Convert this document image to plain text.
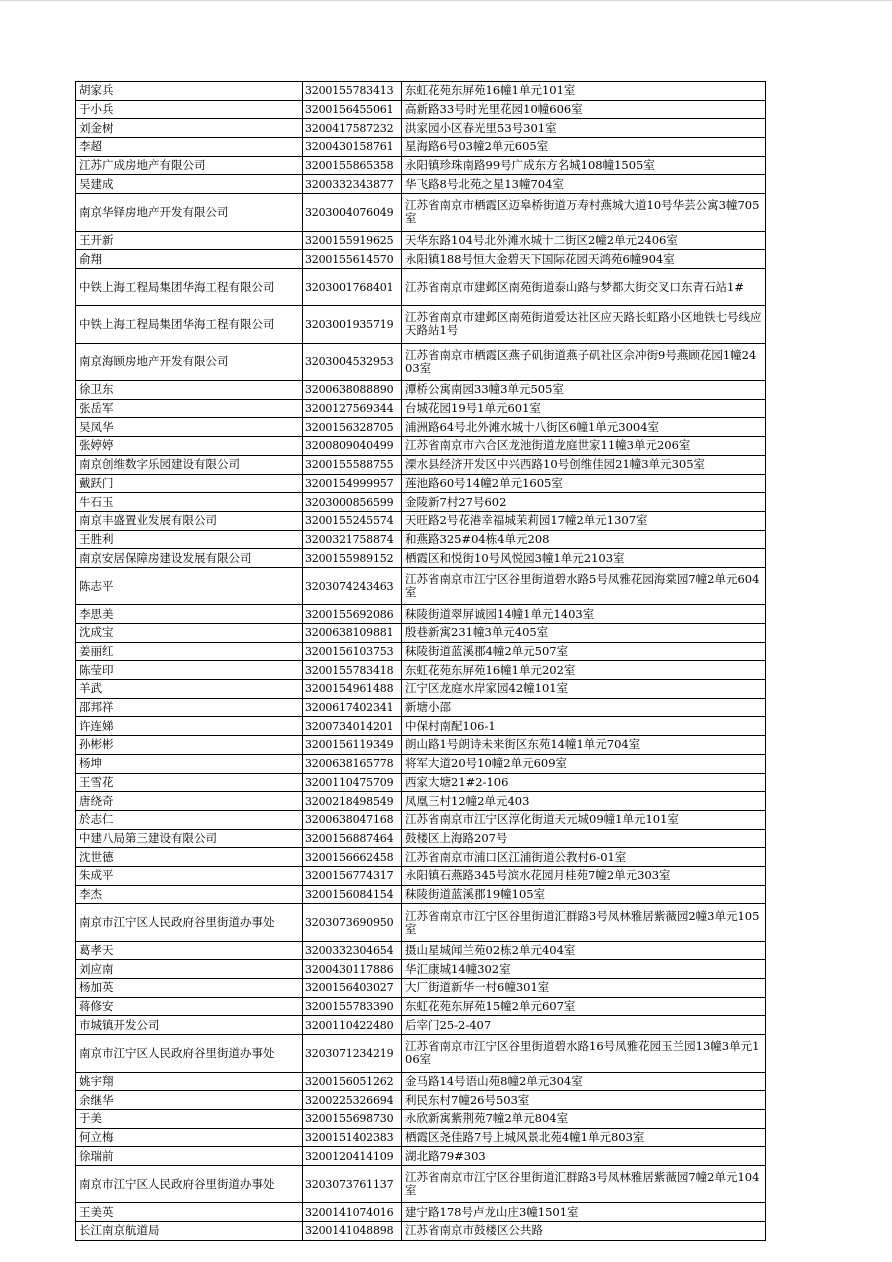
胡家兵	3200155783413	东虹花苑东屏苑16幢1单元101室
于小兵	3200156455061	高新路33号时光里花园10幢606室
刘金树	3200417587232	洪家园小区春光里53号301室
李超	3200430158761	星海路6号03幢2单元605室
江苏广成房地产有限公司	3200155865358	永阳镇珍珠南路99号广成东方名城108幢1505室
吴建成	3200332343877	华飞路8号北苑之星13幢704室

南京华铎房地产开发有限公司	3203004076049	江苏省南京市栖霞区迈皋桥街道万寿村燕城大道10号华芸公寓3幢705室

王开新	3200155919625	天华东路104号北外滩水城十二街区2幢2单元2406室
俞翔	3200155614570	永阳镇188号恒大金碧天下国际花园天鸿苑6幢904室

中铁上海工程局集团华海工程有限公司	3203001768401	江苏省南京市建邺区南苑街道泰山路与梦都大街交叉口东青石站1#

中铁上海工程局集团华海工程有限公司	3203001935719	江苏省南京市建邺区南苑街道爱达社区应天路长虹路小区地铁七号线应天路站1号

南京海顾房地产开发有限公司	3203004532953	江苏省南京市栖霞区燕子矶街道燕子矶社区佘冲街9号燕顾花园1幢2403室

徐卫东	3200638088890	潭桥公寓南园33幢3单元505室
张岳军	3200127569344	台城花园19号1单元601室
吴凤华	3200156328705	浦洲路64号北外滩水城十八街区6幢1单元3004室
张婷婷	3200809040499	江苏省南京市六合区龙池街道龙庭世家11幢3单元206室
南京创维数字乐园建设有限公司	3200155588755	溧水县经济开发区中兴西路10号创维佳园21幢3单元305室
戴跃门	3200154999957	莲池路60号14幢2单元1605室
牛石玉	3203000856599	金陵新7村27号602
南京丰盛置业发展有限公司	3200155245574	天旺路2号花港幸福城茉莉园17幢2单元1307室
王胜利	3200321758874	和燕路325#04栋4单元208
南京安居保障房建设发展有限公司	3200155989152	栖霞区和悦街10号风悦园3幢1单元2103室

陈志平	3203074243463	江苏省南京市江宁区谷里街道碧水路5号凤雅花园海棠园7幢2单元604室

李思美	3200155692086	秣陵街道翠屏诚园14幢1单元1403室
沈成宝	3200638109881	殷巷新寓231幢3单元405室
姜丽红	3200156103753	秣陵街道蓝溪郡4幢2单元507室
陈莹印	3200155783418	东虹花苑东屏苑16幢1单元202室
羊武	3200154961488	江宁区龙庭水岸家园42幢101室
邵邦祥	3200617402341	新塘小邵
许连娣	3200734014201	中保村南配106-1
孙彬彬	3200156119349	朗山路1号朗诗未来街区东苑14幢1单元704室
杨坤	3200638165778	将军大道20号10幢2单元609室
王雪花	3200110475709	西家大塘21#2-106
唐绕奇	3200218498549	凤凰三村12幢2单元403
於志仁	3200638047168	江苏省南京市江宁区淳化街道天元城09幢1单元101室
中建八局第三建设有限公司	3200156887464	鼓楼区上海路207号
沈世德	3200156662458	江苏省南京市浦口区江浦街道公教村6-01室
朱成平	3200156774317	永阳镇石燕路345号滨水花园月桂苑7幢2单元303室
李杰	3200156084154	秣陵街道蓝溪郡19幢105室

南京市江宁区人民政府谷里街道办事处	3203073690950	江苏省南京市江宁区谷里街道汇群路3号凤林雅居紫薇园2幢3单元105室

葛孝天	3200332304654	摄山星城闻兰苑02栋2单元404室
刘应南	3200430117886	华汇康城14幢302室
杨加英	3200156403027	大厂街道新华一村6幢301室
蒋修安	3200155783390	东虹花苑东屏苑15幢2单元607室
市城镇开发公司	3200110422480	后宰门25-2-407

南京市江宁区人民政府谷里街道办事处	3203071234219	江苏省南京市江宁区谷里街道碧水路16号凤雅花园玉兰园13幢3单元106室

姚宇翔	3200156051262	金马路14号语山苑8幢2单元304室
余继华	3200225326694	利民东村7幢26号503室
于美	3200155698730	永欣新寓紫荆苑7幢2单元804室
何立梅	3200151402383	栖霞区尧佳路7号上城风景北苑4幢1单元803室
徐瑞前	3200120414109	湖北路79#303

南京市江宁区人民政府谷里街道办事处	3203073761137	江苏省南京市江宁区谷里街道汇群路3号凤林雅居紫薇园7幢2单元104室

王美英	3200141074016	建宁路178号卢龙山庄3幢1501室
长江南京航道局	3200141048898	江苏省南京市鼓楼区公共路
